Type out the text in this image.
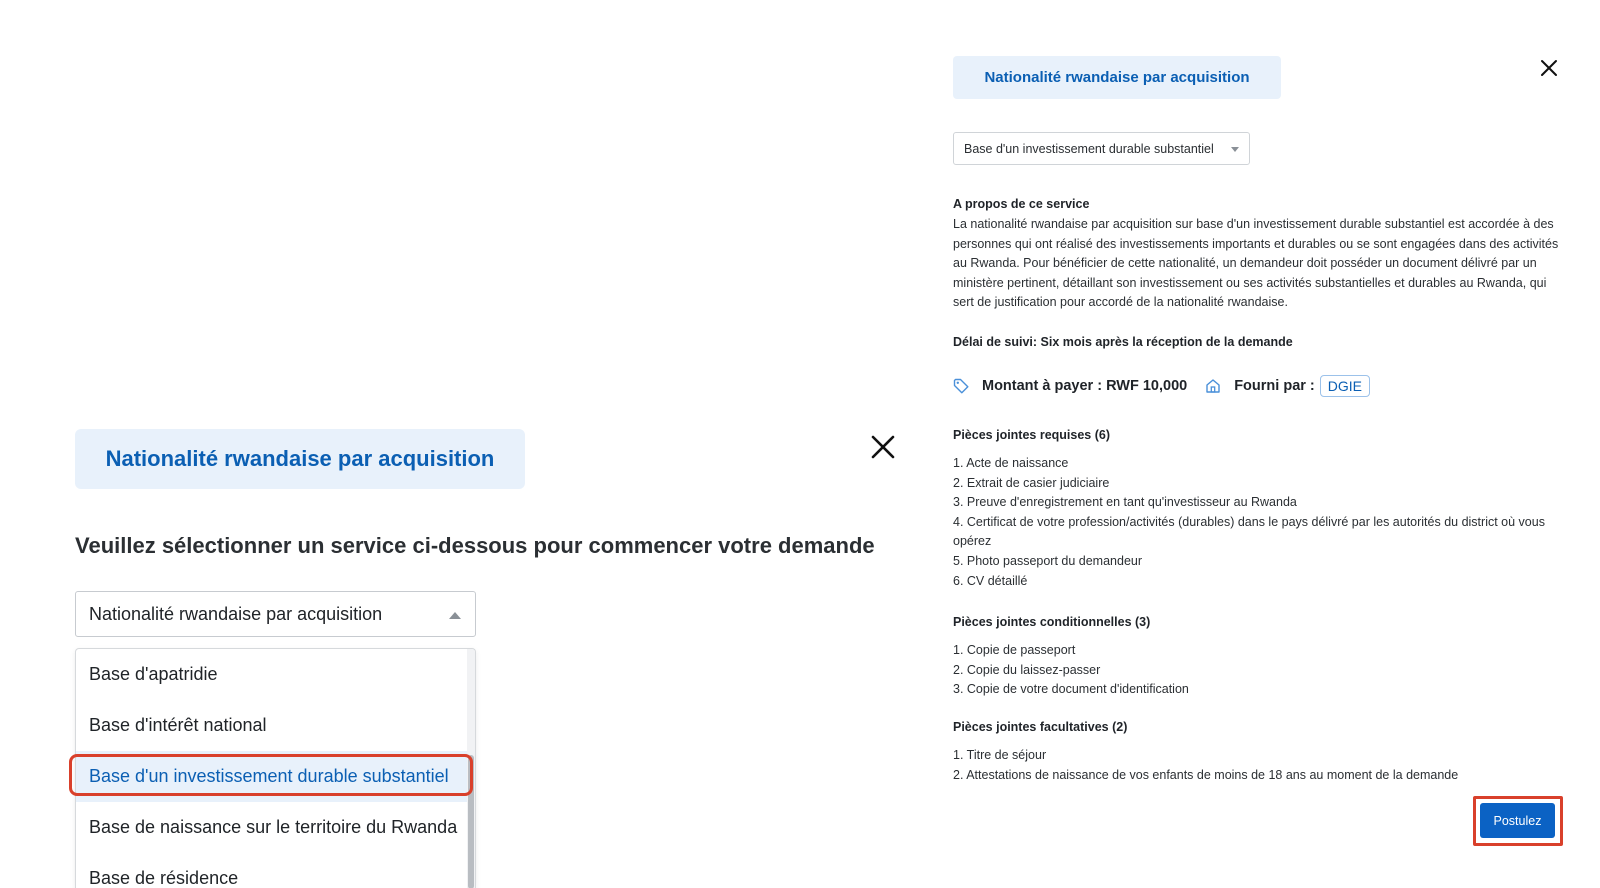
Nationalité rwandaise par acquisition
Veuillez sélectionner un service ci-dessous pour commencer votre demande
Nationalité rwandaise par acquisition
Base d'apatridie
Base d'intérêt national
Base d'un investissement durable substantiel
Base de naissance sur le territoire du Rwanda
Base de résidence
Nationalité rwandaise par acquisition
Base d'un investissement durable substantiel
A propos de ce service
La nationalité rwandaise par acquisition sur base d'un investissement durable substantiel est accordée à des personnes qui ont réalisé des investissements importants et durables ou se sont engagées dans des activités au Rwanda. Pour bénéficier de cette nationalité, un demandeur doit posséder un document délivré par un ministère pertinent, détaillant son investissement ou ses activités substantielles et durables au Rwanda, qui sert de justification pour accordé de la nationalité rwandaise.
Délai de suivi: Six mois après la réception de la demande
Montant à payer : RWF 10,000	Fourni par : DGIE
Pièces jointes requises (6)
1. Acte de naissance
2. Extrait de casier judiciaire
3. Preuve d'enregistrement en tant qu'investisseur au Rwanda
4. Certificat de votre profession/activités (durables) dans le pays délivré par les autorités du district où vous opérez
5. Photo passeport du demandeur
6. CV détaillé
Pièces jointes conditionnelles (3)
1. Copie de passeport
2. Copie du laissez-passer
3. Copie de votre document d'identification
Pièces jointes facultatives (2)
1. Titre de séjour
2. Attestations de naissance de vos enfants de moins de 18 ans au moment de la demande
Postulez
